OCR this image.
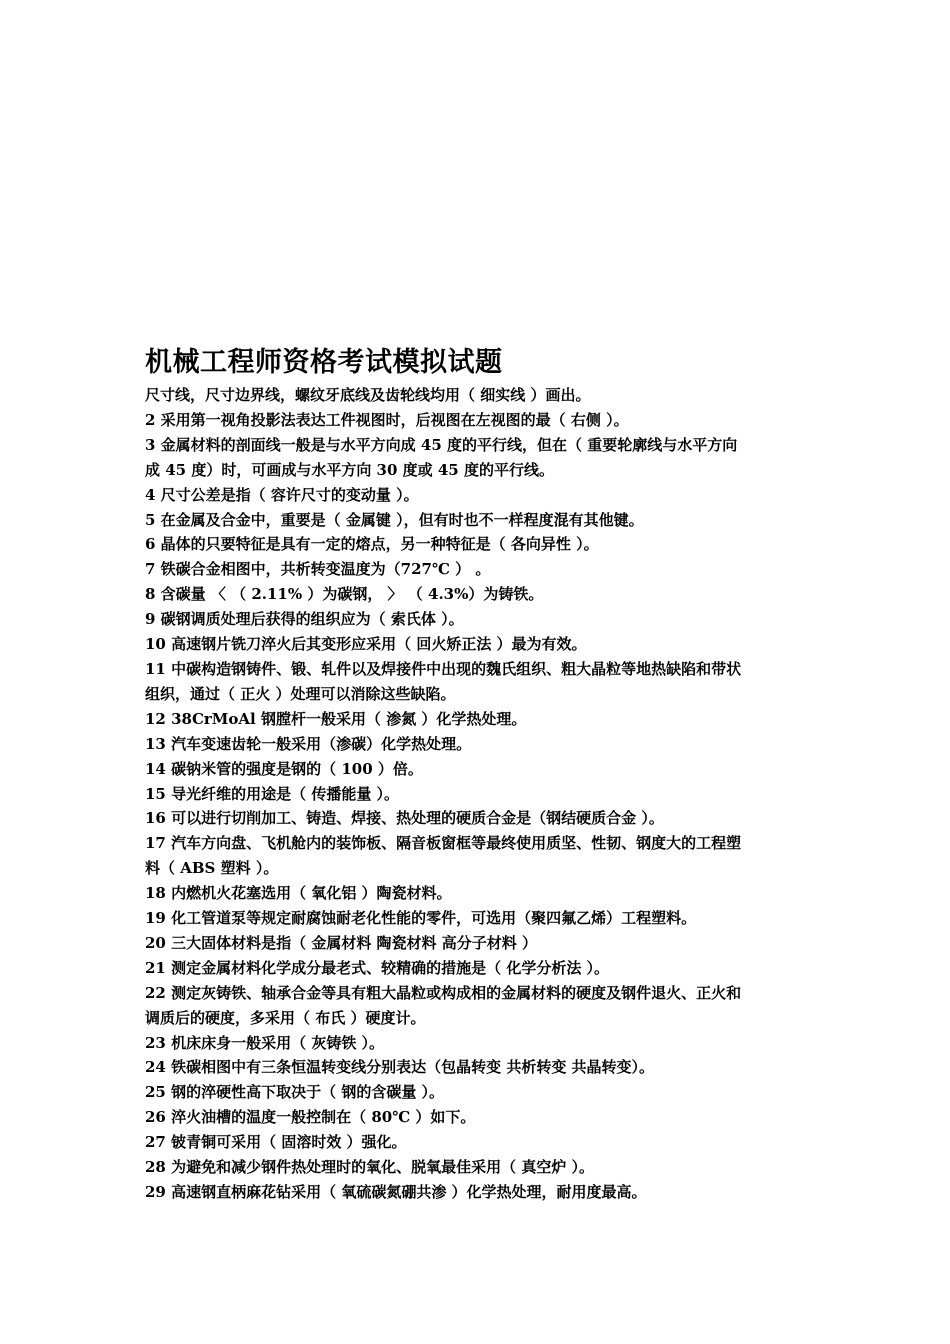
机械工程师资格考试模拟试题
尺寸线，尺寸边界线，螺纹牙底线及齿轮线均用（ 细实线 ）画出。
2 采用第一视角投影法表达工件视图时，后视图在左视图的最（ 右侧 ）。
3 金属材料的剖面线一般是与水平方向成 45 度的平行线，但在（ 重要轮廓线与水平方向
成 45 度）时，可画成与水平方向 30 度或 45 度的平行线。
4 尺寸公差是指（ 容许尺寸的变动量 ）。
5 在金属及合金中，重要是（ 金属键 ），但有时也不一样程度混有其他键。
6 晶体的只要特征是具有一定的熔点，另一种特征是（ 各向异性 ）。
7 铁碳合金相图中，共析转变温度为（727℃ ） 。
8 含碳量 〈 （ 2.11% ）为碳钢， 〉 （ 4.3%）为铸铁。
9 碳钢调质处理后获得的组织应为（ 索氏体 ）。
10 高速钢片铣刀淬火后其变形应采用（ 回火矫正法 ）最为有效。
11 中碳构造钢铸件、锻、轧件以及焊接件中出现的魏氏组织、粗大晶粒等地热缺陷和带状
组织，通过（ 正火 ）处理可以消除这些缺陷。
12 38CrMoAl 钢膛杆一般采用（ 渗氮 ）化学热处理。
13 汽车变速齿轮一般采用（渗碳）化学热处理。
14 碳钠米管的强度是钢的（ 100 ）倍。
15 导光纤维的用途是（ 传播能量 ）。
16 可以进行切削加工、铸造、焊接、热处理的硬质合金是（钢结硬质合金 ）。
17 汽车方向盘、飞机舱内的装饰板、隔音板窗框等最终使用质坚、性韧、钢度大的工程塑
料（ ABS 塑料 ）。
18 内燃机火花塞选用（ 氧化铝 ）陶瓷材料。
19 化工管道泵等规定耐腐蚀耐老化性能的零件，可选用（聚四氟乙烯）工程塑料。
20 三大固体材料是指（ 金属材料 陶瓷材料 高分子材料 ）
21 测定金属材料化学成分最老式、较精确的措施是（ 化学分析法 ）。
22 测定灰铸铁、轴承合金等具有粗大晶粒或构成相的金属材料的硬度及钢件退火、正火和
调质后的硬度，多采用（ 布氏 ）硬度计。
23 机床床身一般采用（ 灰铸铁 ）。
24 铁碳相图中有三条恒温转变线分别表达（包晶转变 共析转变 共晶转变）。
25 钢的淬硬性高下取决于（ 钢的含碳量 ）。
26 淬火油槽的温度一般控制在（ 80℃ ）如下。
27 铍青铜可采用（ 固溶时效 ）强化。
28 为避免和减少钢件热处理时的氧化、脱氧最佳采用（ 真空炉 ）。
29 高速钢直柄麻花钻采用（ 氧硫碳氮硼共渗 ）化学热处理，耐用度最高。
